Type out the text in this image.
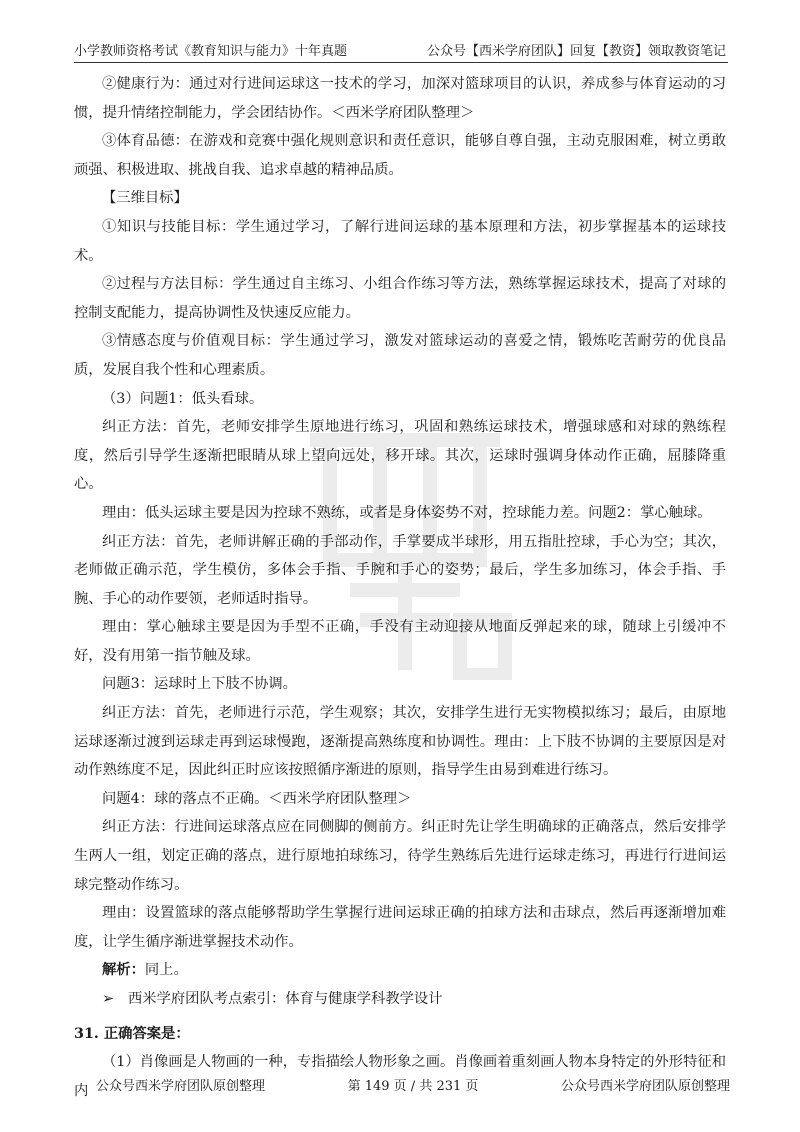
小学教师资格考试《教育知识与能力》十年真题	公众号【西米学府团队】回复【教资】领取教资笔记

②健康行为：通过对行进间运球这一技术的学习，加深对篮球项目的认识，养成参与体育运动的习惯，提升情绪控制能力，学会团结协作。＜西米学府团队整理＞

③体育品德：在游戏和竞赛中强化规则意识和责任意识，能够自尊自强，主动克服困难，树立勇敢顽强、积极进取、挑战自我、追求卓越的精神品质。

【三维目标】

①知识与技能目标：学生通过学习，了解行进间运球的基本原理和方法，初步掌握基本的运球技术。

②过程与方法目标：学生通过自主练习、小组合作练习等方法，熟练掌握运球技术，提高了对球的控制支配能力，提高协调性及快速反应能力。

③情感态度与价值观目标：学生通过学习，激发对篮球运动的喜爱之情，锻炼吃苦耐劳的优良品质，发展自我个性和心理素质。

（3）问题1：低头看球。

纠正方法：首先，老师安排学生原地进行练习，巩固和熟练运球技术，增强球感和对球的熟练程度，然后引导学生逐渐把眼睛从球上望向远处，移开球。其次，运球时强调身体动作正确，屈膝降重心。

理由：低头运球主要是因为控球不熟练，或者是身体姿势不对，控球能力差。问题2：掌心触球。

纠正方法：首先，老师讲解正确的手部动作，手掌要成半球形，用五指肚控球，手心为空；其次，老师做正确示范，学生模仿，多体会手指、手腕和手心的姿势；最后，学生多加练习，体会手指、手腕、手心的动作要领，老师适时指导。

理由：掌心触球主要是因为手型不正确，手没有主动迎接从地面反弹起来的球，随球上引缓冲不好，没有用第一指节触及球。

问题3：运球时上下肢不协调。

纠正方法：首先，老师进行示范，学生观察；其次，安排学生进行无实物模拟练习；最后，由原地运球逐渐过渡到运球走再到运球慢跑，逐渐提高熟练度和协调性。理由：上下肢不协调的主要原因是对动作熟练度不足，因此纠正时应该按照循序渐进的原则，指导学生由易到难进行练习。

问题4：球的落点不正确。＜西米学府团队整理＞

纠正方法：行进间运球落点应在同侧脚的侧前方。纠正时先让学生明确球的正确落点，然后安排学生两人一组，划定正确的落点，进行原地拍球练习，待学生熟练后先进行运球走练习，再进行行进间运球完整动作练习。

理由：设置篮球的落点能够帮助学生掌握行进间运球正确的拍球方法和击球点，然后再逐渐增加难度，让学生循序渐进掌握技术动作。

解析：同上。

➢ 西米学府团队考点索引：体育与健康学科教学设计

31. 正确答案是：

（1）肖像画是人物画的一种，专指描绘人物形象之画。肖像画着重刻画人物本身特定的外形特征和内 公众号西米学府团队原创整理	第 149 页 / 共 231 页	公众号西米学府团队原创整理
